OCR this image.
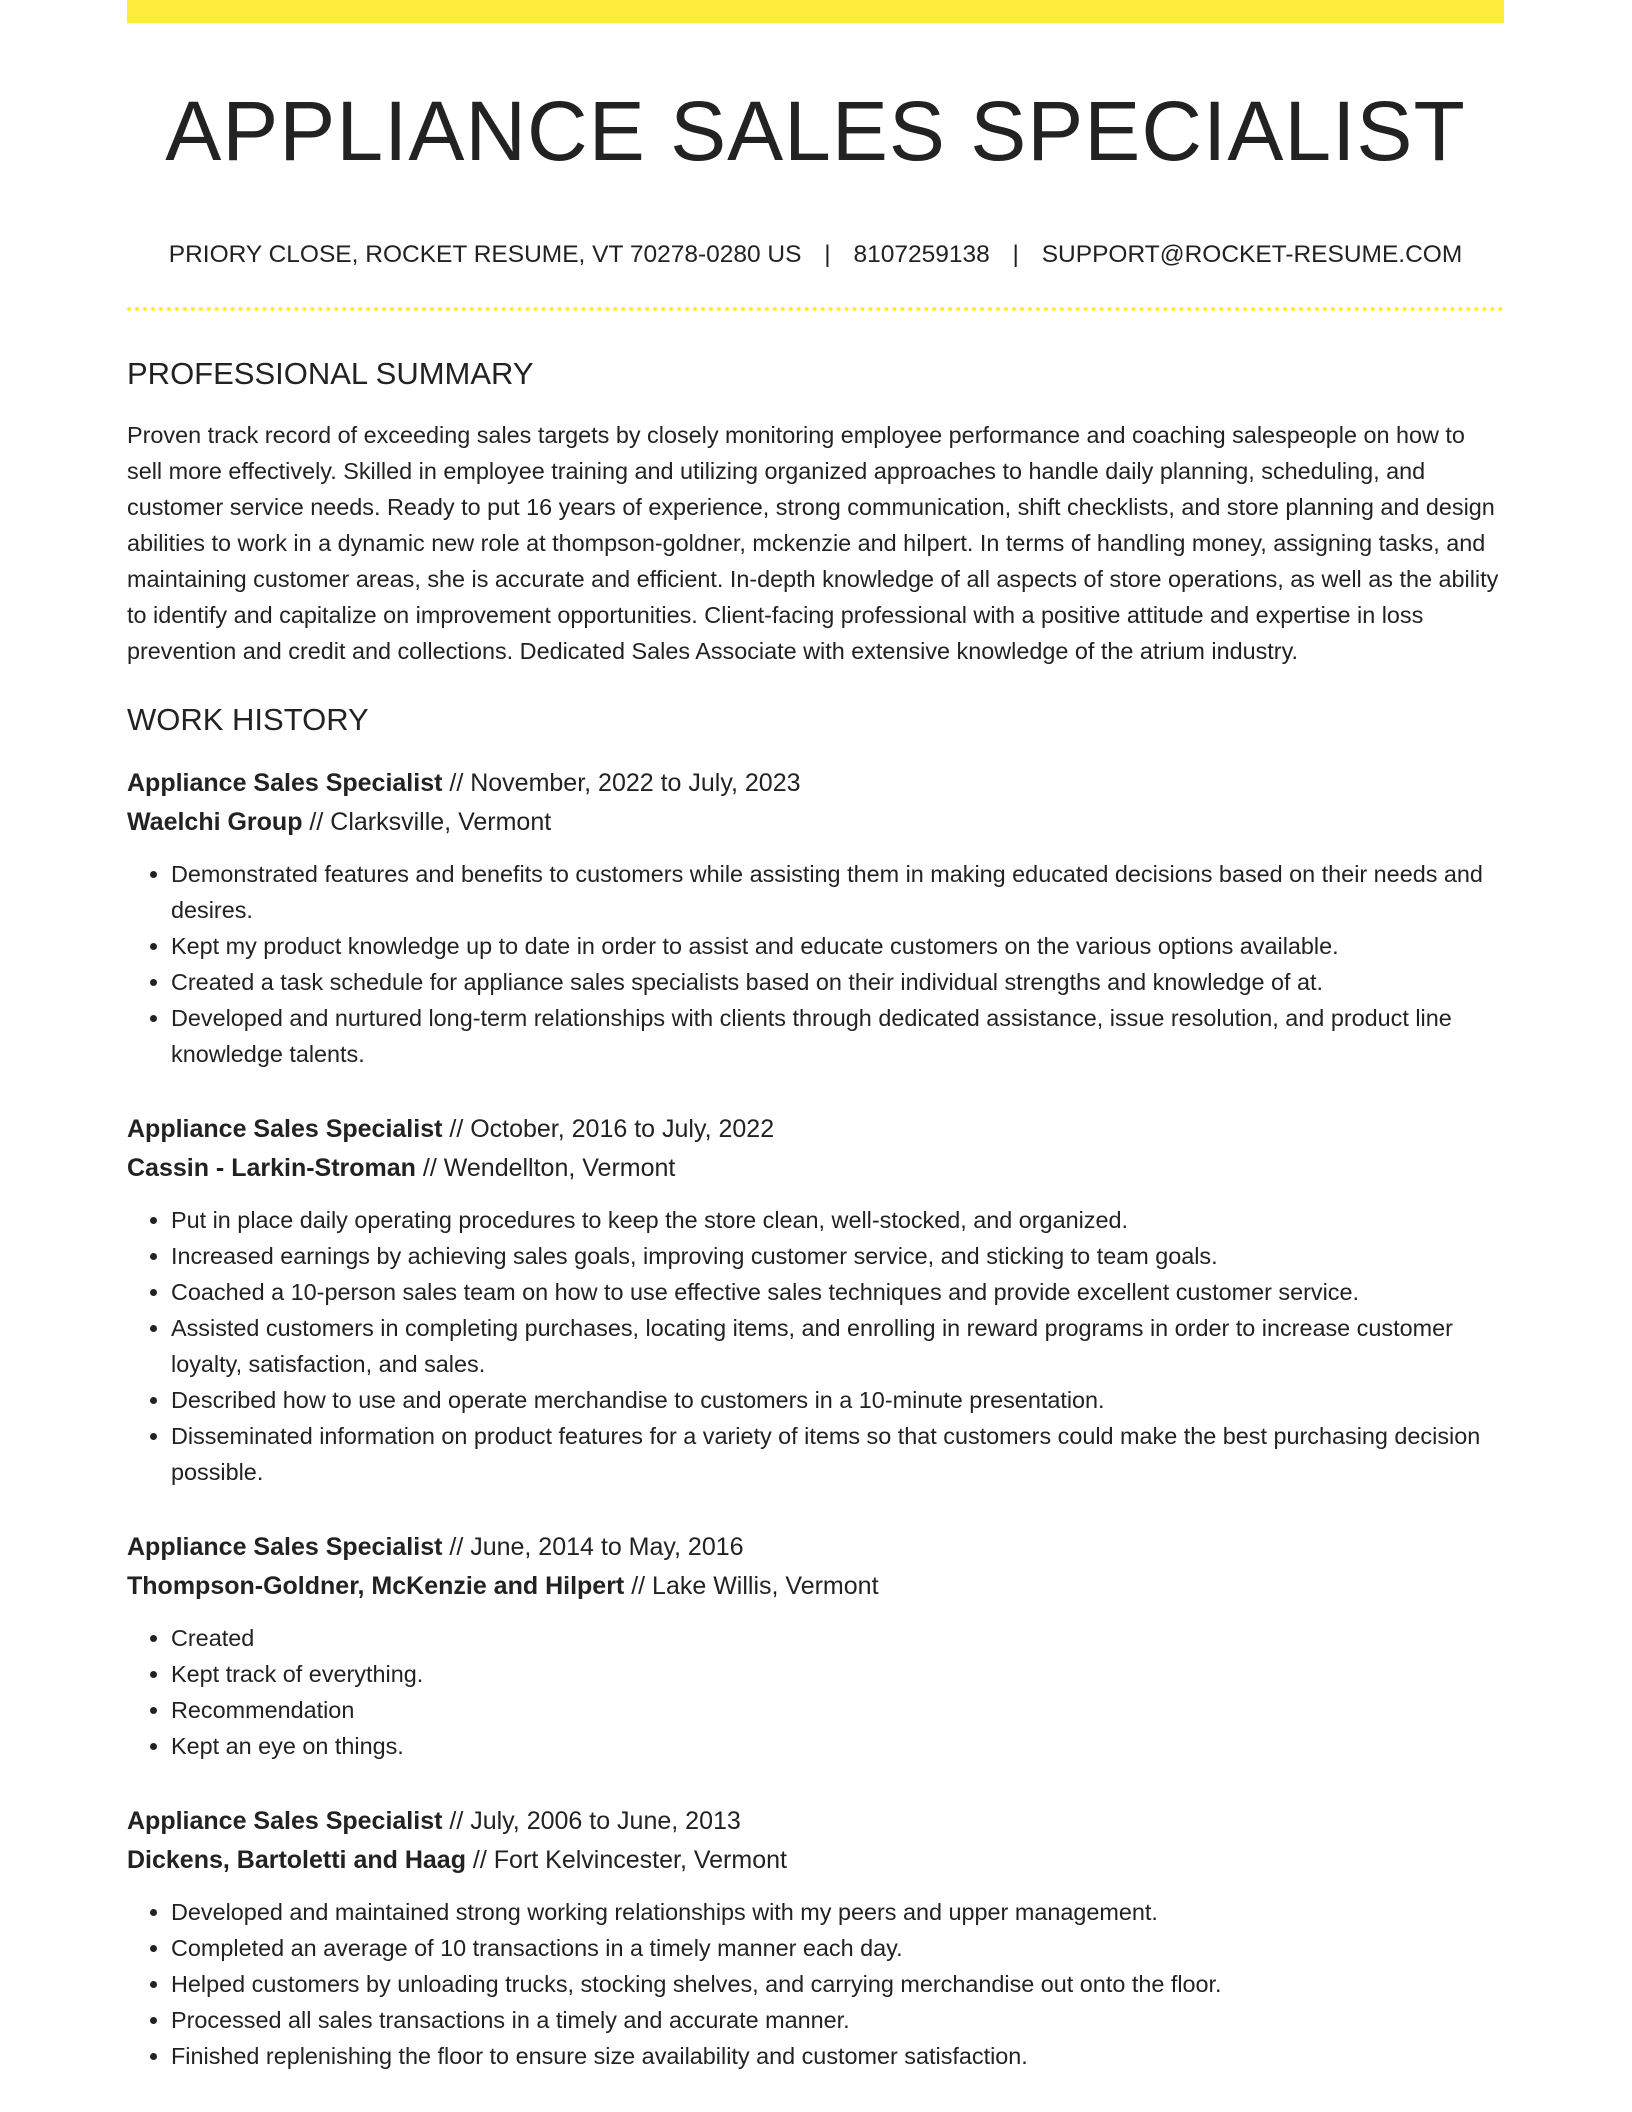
APPLIANCE SALES SPECIALIST
PRIORY CLOSE, ROCKET RESUME, VT 70278-0280 US | 8107259138 | SUPPORT@ROCKET-RESUME.COM
PROFESSIONAL SUMMARY

Proven track record of exceeding sales targets by closely monitoring employee performance and coaching salespeople on how to sell more effectively. Skilled in employee training and utilizing organized approaches to handle daily planning, scheduling, and customer service needs. Ready to put 16 years of experience, strong communication, shift checklists, and store planning and design abilities to work in a dynamic new role at thompson-goldner, mckenzie and hilpert. In terms of handling money, assigning tasks, and maintaining customer areas, she is accurate and efficient. In-depth knowledge of all aspects of store operations, as well as the ability to identify and capitalize on improvement opportunities. Client-facing professional with a positive attitude and expertise in loss prevention and credit and collections. Dedicated Sales Associate with extensive knowledge of the atrium industry.

WORK HISTORY
Appliance Sales Specialist // November, 2022 to July, 2023
Waelchi Group // Clarksville, Vermont
• Demonstrated features and benefits to customers while assisting them in making educated decisions based on their needs and desires.
• Kept my product knowledge up to date in order to assist and educate customers on the various options available.
• Created a task schedule for appliance sales specialists based on their individual strengths and knowledge of at.
• Developed and nurtured long-term relationships with clients through dedicated assistance, issue resolution, and product line knowledge talents.
Appliance Sales Specialist // October, 2016 to July, 2022
Cassin - Larkin-Stroman // Wendellton, Vermont
• Put in place daily operating procedures to keep the store clean, well-stocked, and organized.
• Increased earnings by achieving sales goals, improving customer service, and sticking to team goals.
• Coached a 10-person sales team on how to use effective sales techniques and provide excellent customer service.
• Assisted customers in completing purchases, locating items, and enrolling in reward programs in order to increase customer loyalty, satisfaction, and sales.
• Described how to use and operate merchandise to customers in a 10-minute presentation.
• Disseminated information on product features for a variety of items so that customers could make the best purchasing decision possible.
Appliance Sales Specialist // June, 2014 to May, 2016
Thompson-Goldner, McKenzie and Hilpert // Lake Willis, Vermont
• Created
• Kept track of everything.
• Recommendation
• Kept an eye on things.
Appliance Sales Specialist // July, 2006 to June, 2013
Dickens, Bartoletti and Haag // Fort Kelvincester, Vermont
• Developed and maintained strong working relationships with my peers and upper management.
• Completed an average of 10 transactions in a timely manner each day.
• Helped customers by unloading trucks, stocking shelves, and carrying merchandise out onto the floor.
• Processed all sales transactions in a timely and accurate manner.
• Finished replenishing the floor to ensure size availability and customer satisfaction.
